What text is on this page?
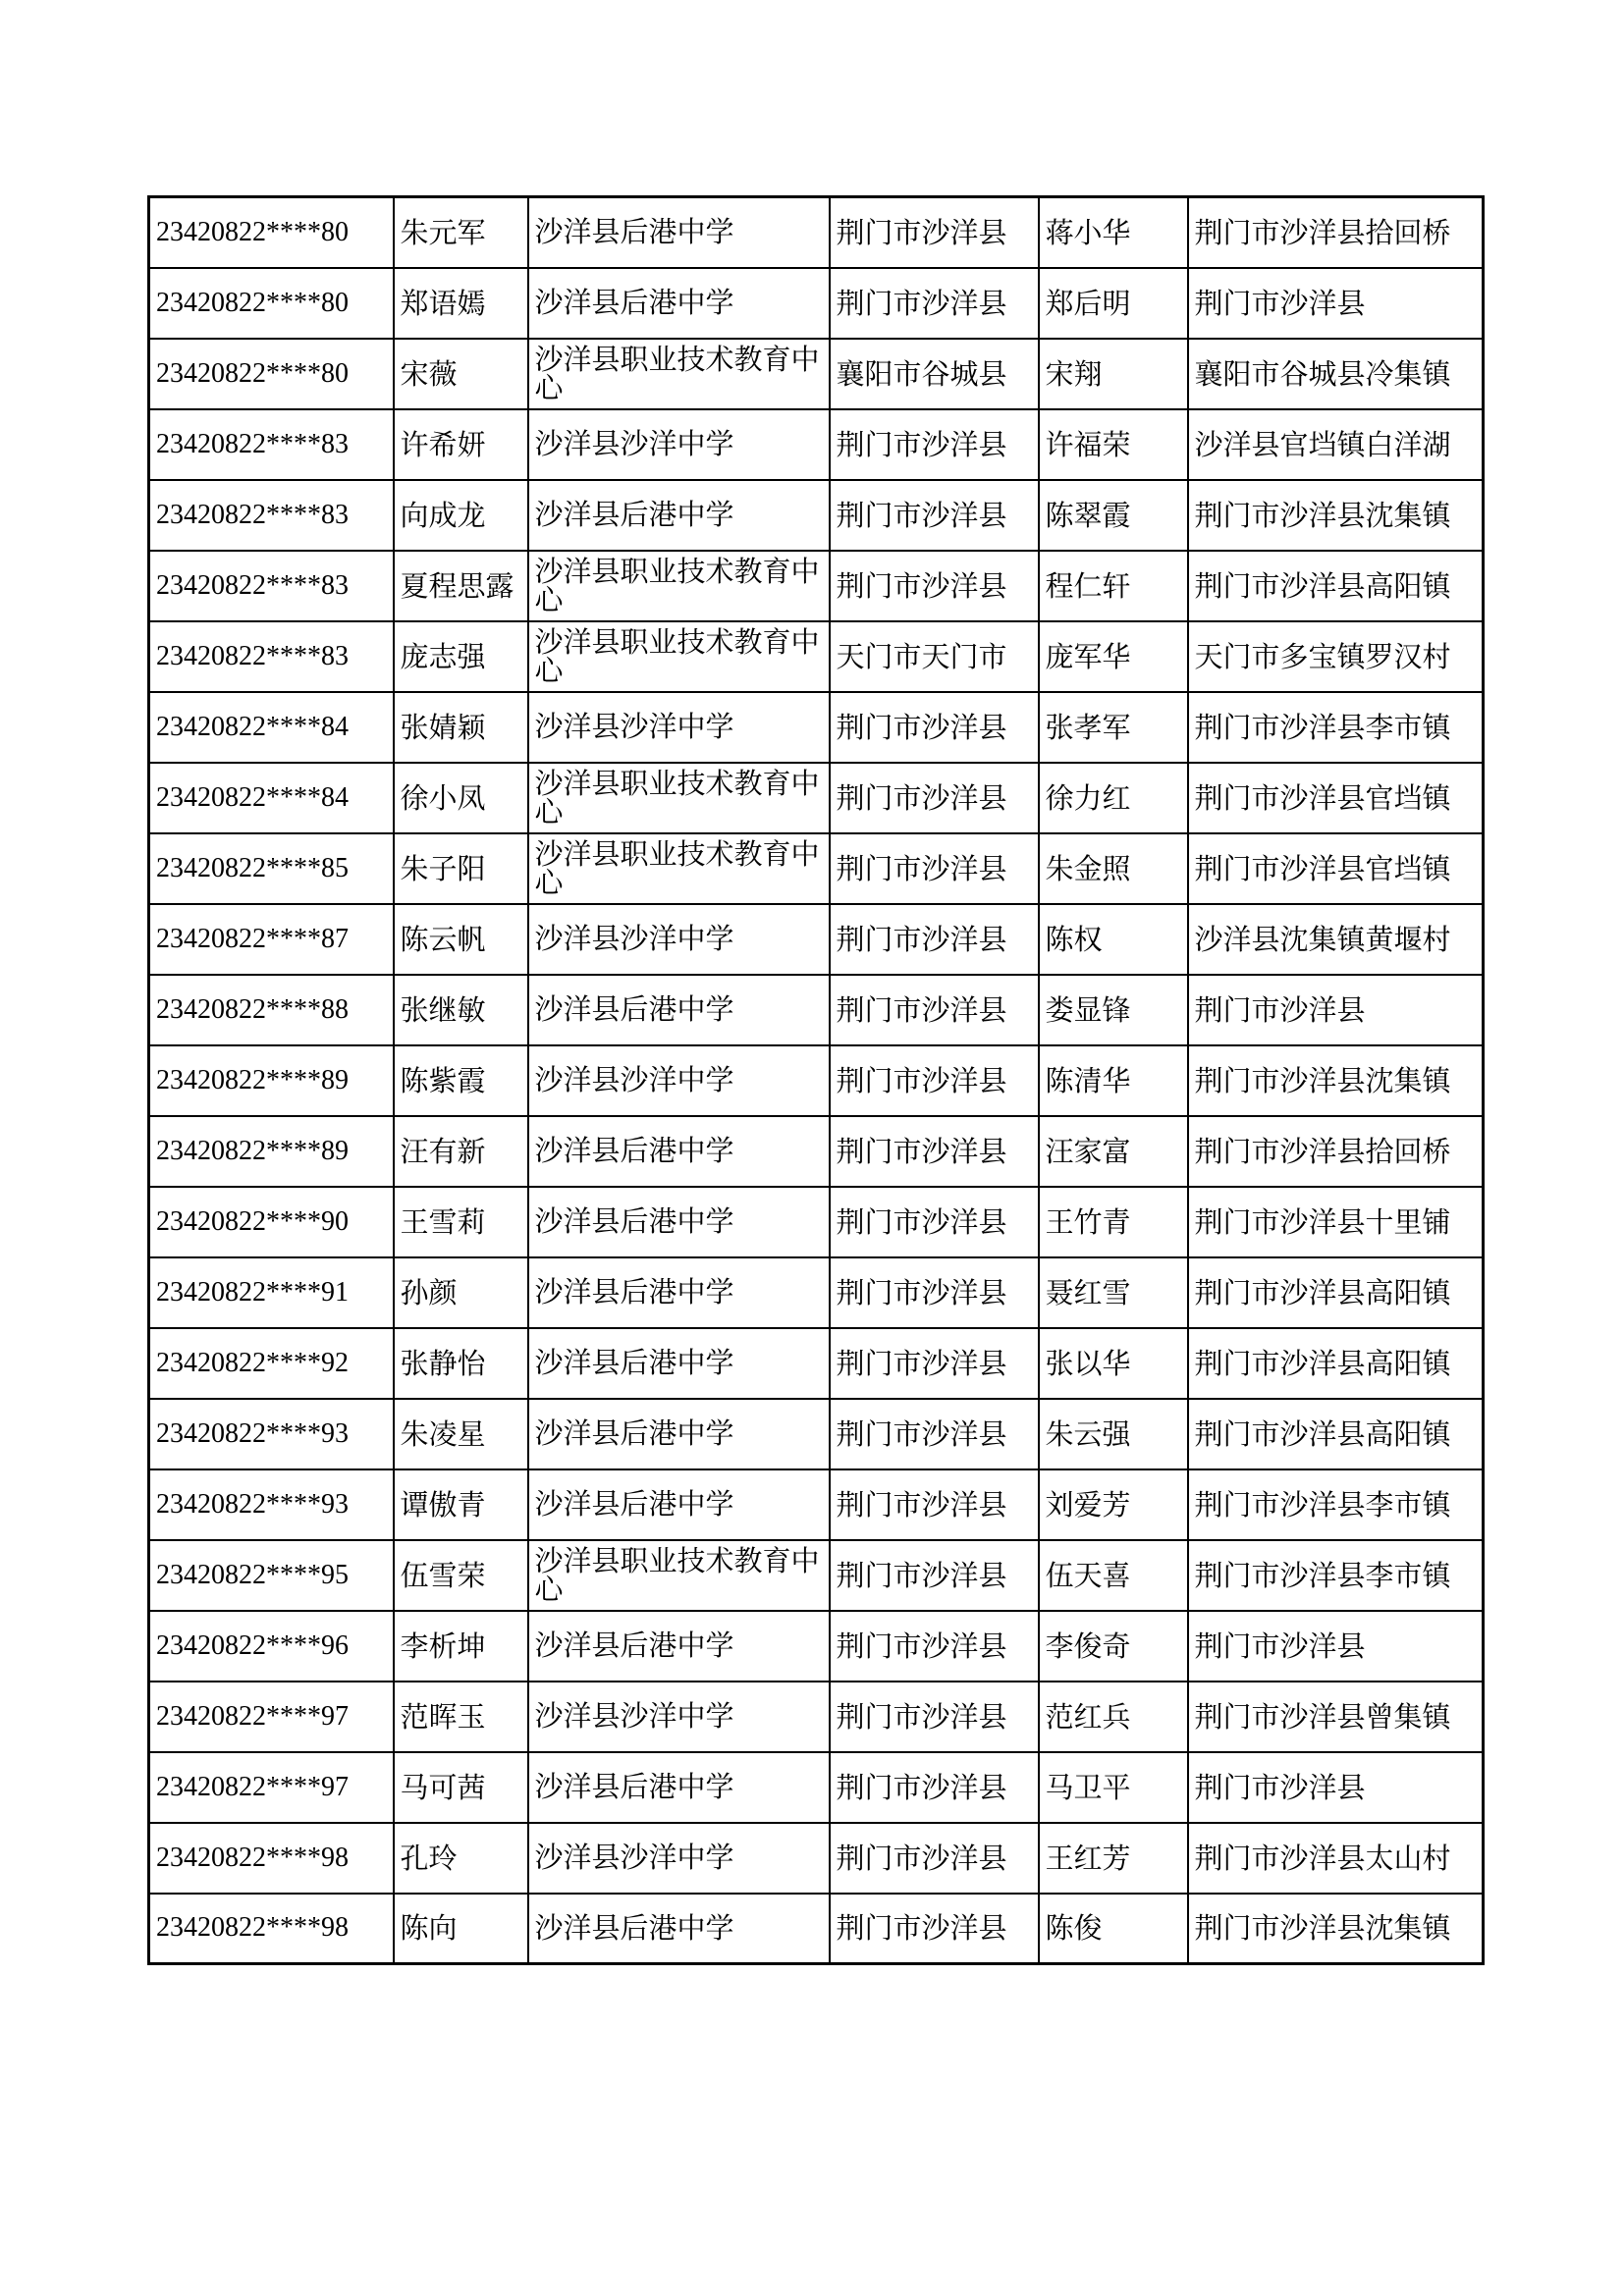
23420822****80	朱元军	沙洋县后港中学	荆门市沙洋县	蒋小华	荆门市沙洋县拾回桥
23420822****80	郑语嫣	沙洋县后港中学	荆门市沙洋县	郑后明	荆门市沙洋县
23420822****80	宋薇	沙洋县职业技术教育中心	襄阳市谷城县	宋翔	襄阳市谷城县冷集镇
23420822****83	许希妍	沙洋县沙洋中学	荆门市沙洋县	许福荣	沙洋县官垱镇白洋湖
23420822****83	向成龙	沙洋县后港中学	荆门市沙洋县	陈翠霞	荆门市沙洋县沈集镇
23420822****83	夏程思露	沙洋县职业技术教育中心	荆门市沙洋县	程仁轩	荆门市沙洋县高阳镇
23420822****83	庞志强	沙洋县职业技术教育中心	天门市天门市	庞军华	天门市多宝镇罗汉村
23420822****84	张婧颖	沙洋县沙洋中学	荆门市沙洋县	张孝军	荆门市沙洋县李市镇
23420822****84	徐小凤	沙洋县职业技术教育中心	荆门市沙洋县	徐力红	荆门市沙洋县官垱镇
23420822****85	朱子阳	沙洋县职业技术教育中心	荆门市沙洋县	朱金照	荆门市沙洋县官垱镇
23420822****87	陈云帆	沙洋县沙洋中学	荆门市沙洋县	陈权	沙洋县沈集镇黄堰村
23420822****88	张继敏	沙洋县后港中学	荆门市沙洋县	娄显锋	荆门市沙洋县
23420822****89	陈紫霞	沙洋县沙洋中学	荆门市沙洋县	陈清华	荆门市沙洋县沈集镇
23420822****89	汪有新	沙洋县后港中学	荆门市沙洋县	汪家富	荆门市沙洋县拾回桥
23420822****90	王雪莉	沙洋县后港中学	荆门市沙洋县	王竹青	荆门市沙洋县十里铺
23420822****91	孙颜	沙洋县后港中学	荆门市沙洋县	聂红雪	荆门市沙洋县高阳镇
23420822****92	张静怡	沙洋县后港中学	荆门市沙洋县	张以华	荆门市沙洋县高阳镇
23420822****93	朱凌星	沙洋县后港中学	荆门市沙洋县	朱云强	荆门市沙洋县高阳镇
23420822****93	谭傲青	沙洋县后港中学	荆门市沙洋县	刘爱芳	荆门市沙洋县李市镇
23420822****95	伍雪荣	沙洋县职业技术教育中心	荆门市沙洋县	伍天喜	荆门市沙洋县李市镇
23420822****96	李析坤	沙洋县后港中学	荆门市沙洋县	李俊奇	荆门市沙洋县
23420822****97	范晖玉	沙洋县沙洋中学	荆门市沙洋县	范红兵	荆门市沙洋县曾集镇
23420822****97	马可茜	沙洋县后港中学	荆门市沙洋县	马卫平	荆门市沙洋县
23420822****98	孔玲	沙洋县沙洋中学	荆门市沙洋县	王红芳	荆门市沙洋县太山村
23420822****98	陈向	沙洋县后港中学	荆门市沙洋县	陈俊	荆门市沙洋县沈集镇
